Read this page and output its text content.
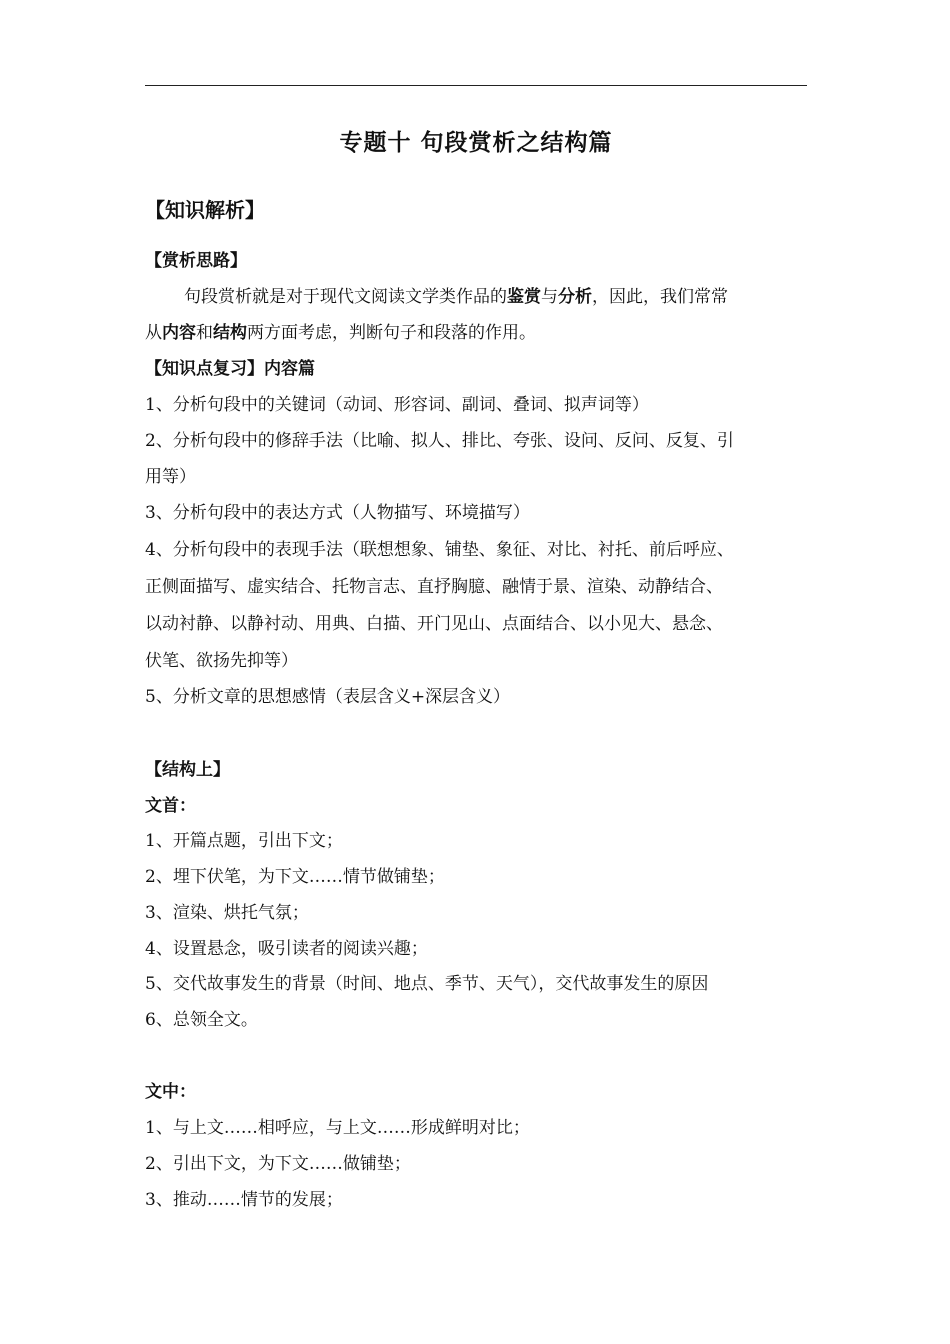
专题十 句段赏析之结构篇
【知识解析】
【赏析思路】
句段赏析就是对于现代文阅读文学类作品的鉴赏与分析，因此，我们常常
从内容和结构两方面考虑，判断句子和段落的作用。
【知识点复习】内容篇
1、分析句段中的关键词（动词、形容词、副词、叠词、拟声词等）
2、分析句段中的修辞手法（比喻、拟人、排比、夸张、设问、反问、反复、引
用等）
3、分析句段中的表达方式（人物描写、环境描写）
4、分析句段中的表现手法（联想想象、铺垫、象征、对比、衬托、前后呼应、
正侧面描写、虚实结合、托物言志、直抒胸臆、融情于景、渲染、动静结合、
以动衬静、以静衬动、用典、白描、开门见山、点面结合、以小见大、悬念、
伏笔、欲扬先抑等）
5、分析文章的思想感情（表层含义+深层含义）
【结构上】
文首：
1、开篇点题，引出下文；
2、埋下伏笔，为下文……情节做铺垫；
3、渲染、烘托气氛；
4、设置悬念，吸引读者的阅读兴趣；
5、交代故事发生的背景（时间、地点、季节、天气），交代故事发生的原因
6、总领全文。
文中：
1、与上文……相呼应，与上文……形成鲜明对比；
2、引出下文，为下文……做铺垫；
3、推动……情节的发展；
